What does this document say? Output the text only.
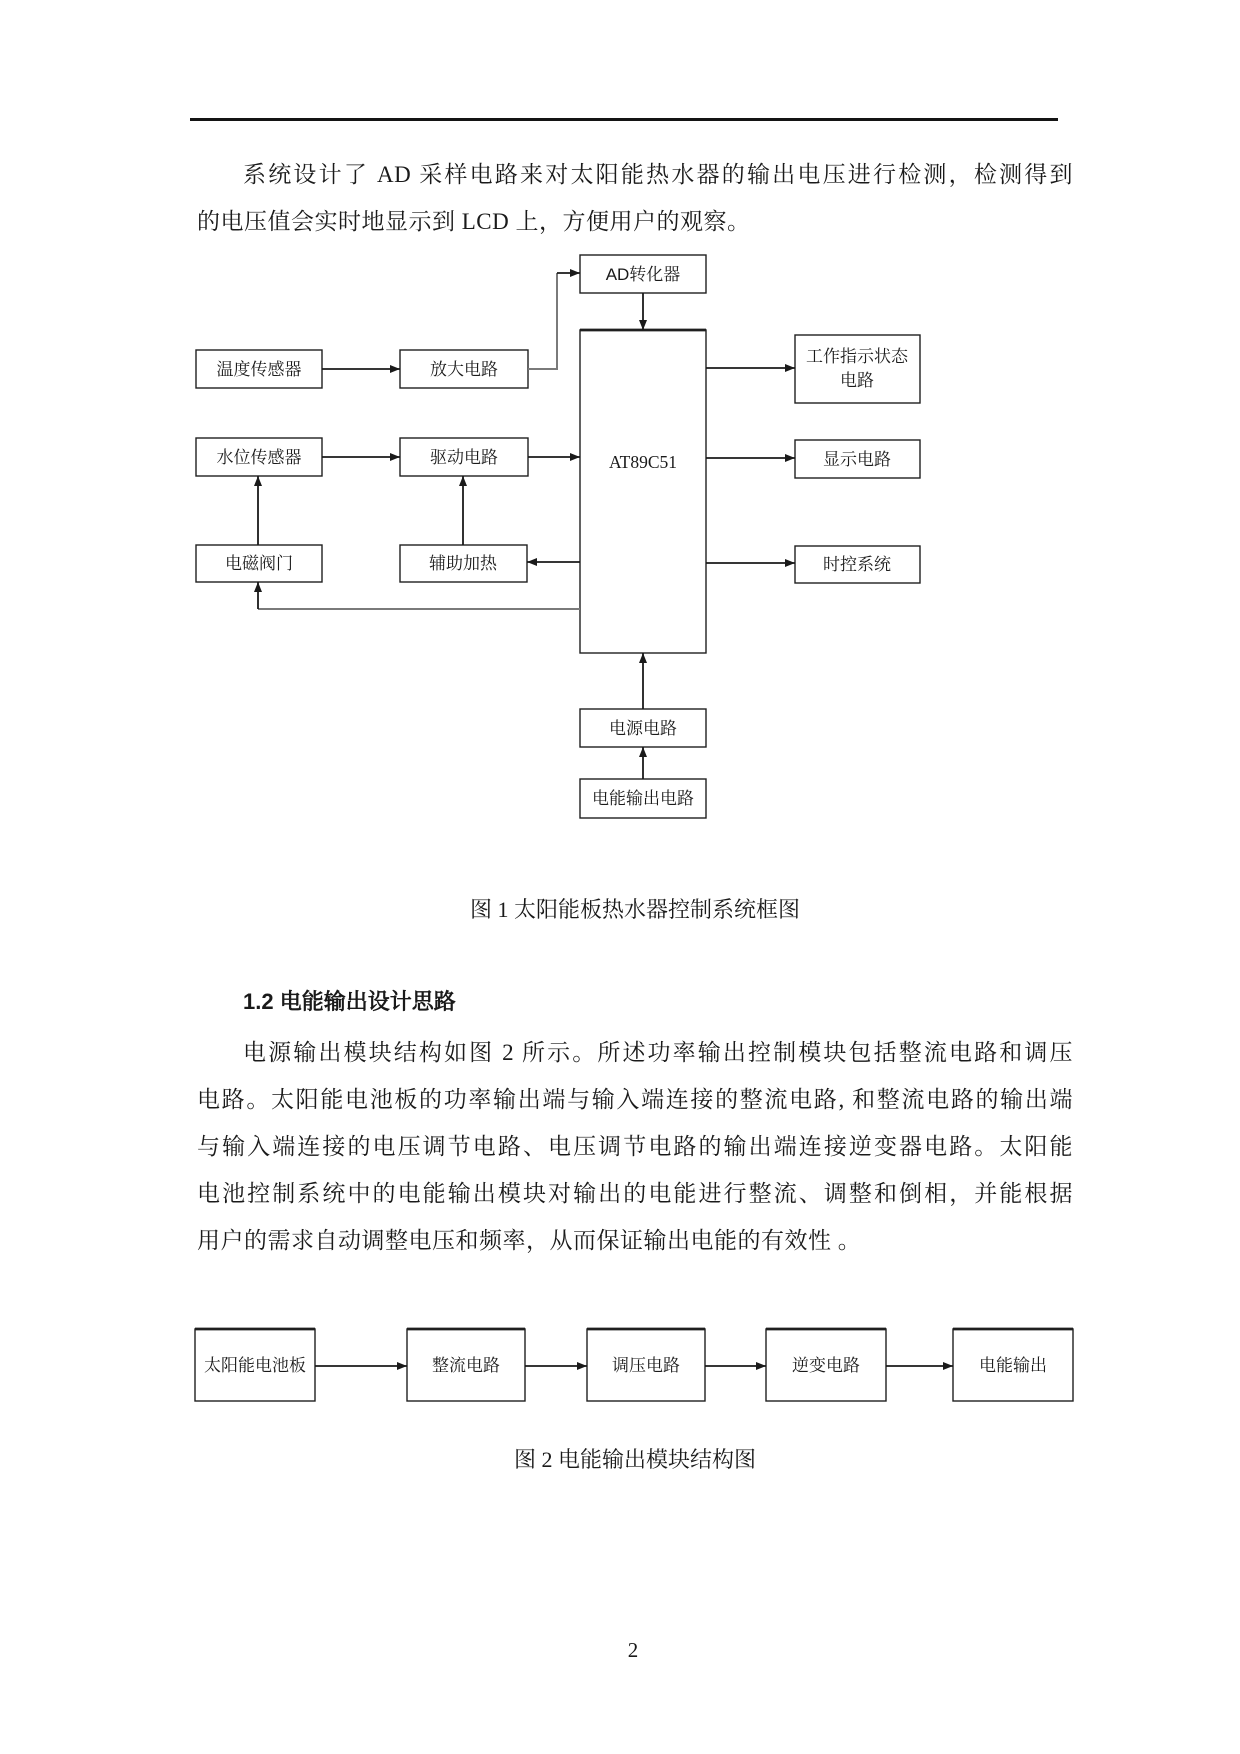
系统设计了 AD 采样电路来对太阳能热水器的输出电压进行检测，检测得到
的电压值会实时地显示到 LCD 上，方便用户的观察。
AD转化器
AT89C51
温度传感器	放大电路
水位传感器	驱动电路
电磁阀门	辅助加热
工作指示状态
电路
显示电路
时控系统
电源电路
电能输出电路
图 1 太阳能板热水器控制系统框图
1.2 电能输出设计思路
电源输出模块结构如图 2 所示。所述功率输出控制模块包括整流电路和调压
电路。太阳能电池板的功率输出端与输入端连接的整流电路, 和整流电路的输出端
与输入端连接的电压调节电路、电压调节电路的输出端连接逆变器电路。太阳能
电池控制系统中的电能输出模块对输出的电能进行整流、调整和倒相，并能根据
用户的需求自动调整电压和频率，从而保证输出电能的有效性 。
太阳能电池板	整流电路	调压电路	逆变电路	电能输出
图 2 电能输出模块结构图
2
